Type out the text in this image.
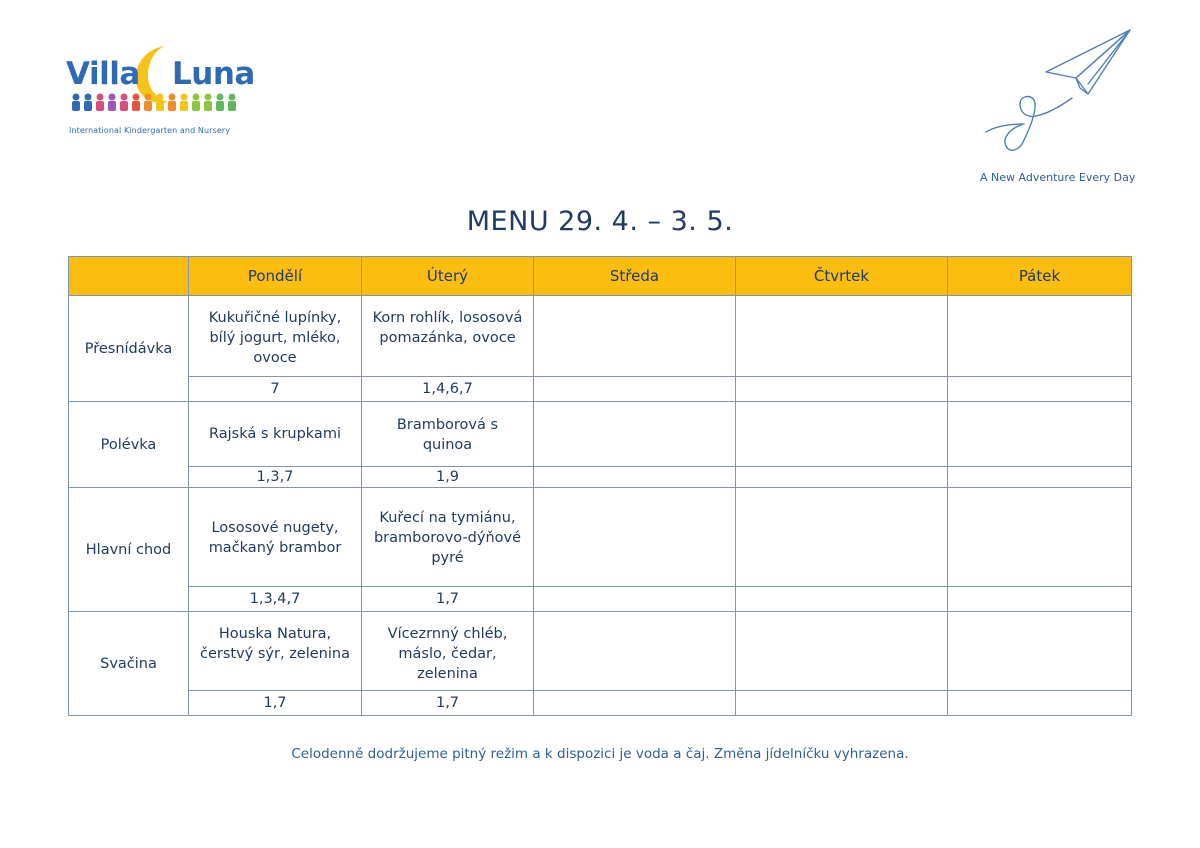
Villa Luna
International Kindergarten and Nursery
A New Adventure Every Day
MENU 29. 4. – 3. 5.
	Pondělí	Úterý	Středa	Čtvrtek	Pátek
Přesnídávka	Kukuřičné lupínky, bílý jogurt, mléko, ovoce	Korn rohlík, lososová pomazánka, ovoce			
	7	1,4,6,7			
Polévka	Rajská s krupkami	Bramborová s quinoa			
	1,3,7	1,9			
Hlavní chod	Lososové nugety, mačkaný brambor	Kuřecí na tymiánu, bramborovo-dýňové pyré			
	1,3,4,7	1,7			
Svačina	Houska Natura, čerstvý sýr, zelenina	Vícezrnný chléb, máslo, čedar, zelenina			
	1,7	1,7			

Celodenně dodržujeme pitný režim a k dispozici je voda a čaj. Změna jídelníčku vyhrazena.
